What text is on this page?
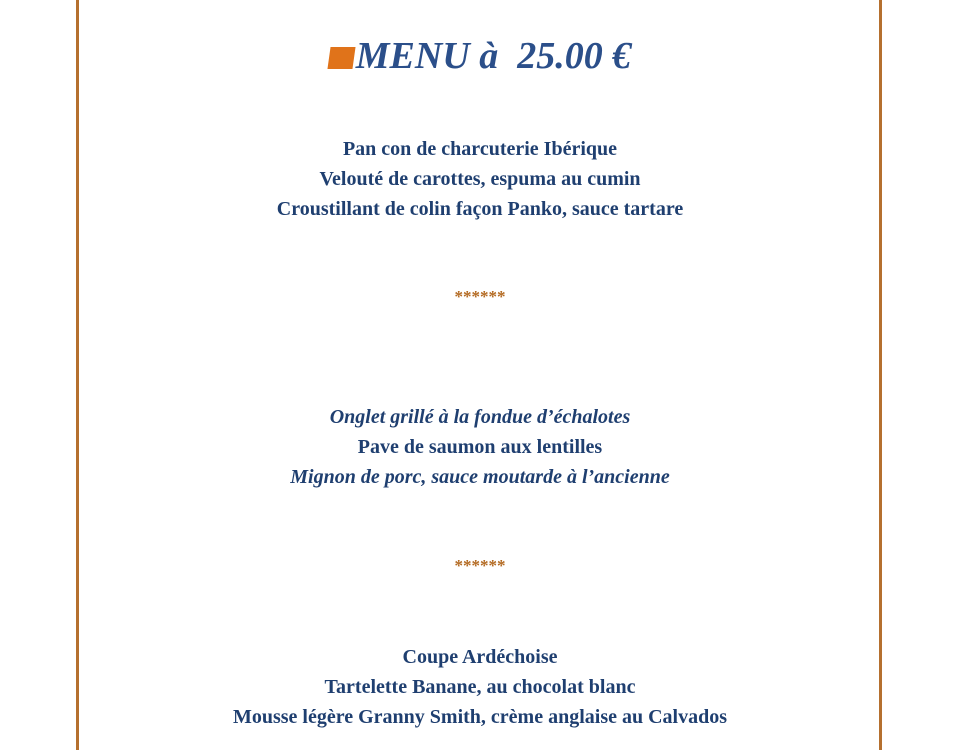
MENU à  25.00 €
Pan con de charcuterie Ibérique
Velouté de carottes, espuma au cumin
Croustillant de colin façon Panko, sauce tartare
******
Onglet grillé à la fondue d’échalotes
Pave de saumon aux lentilles
Mignon de porc, sauce moutarde à l’ancienne
******
Coupe Ardéchoise
Tartelette Banane, au chocolat blanc
Mousse légère Granny Smith, crème anglaise au Calvados
